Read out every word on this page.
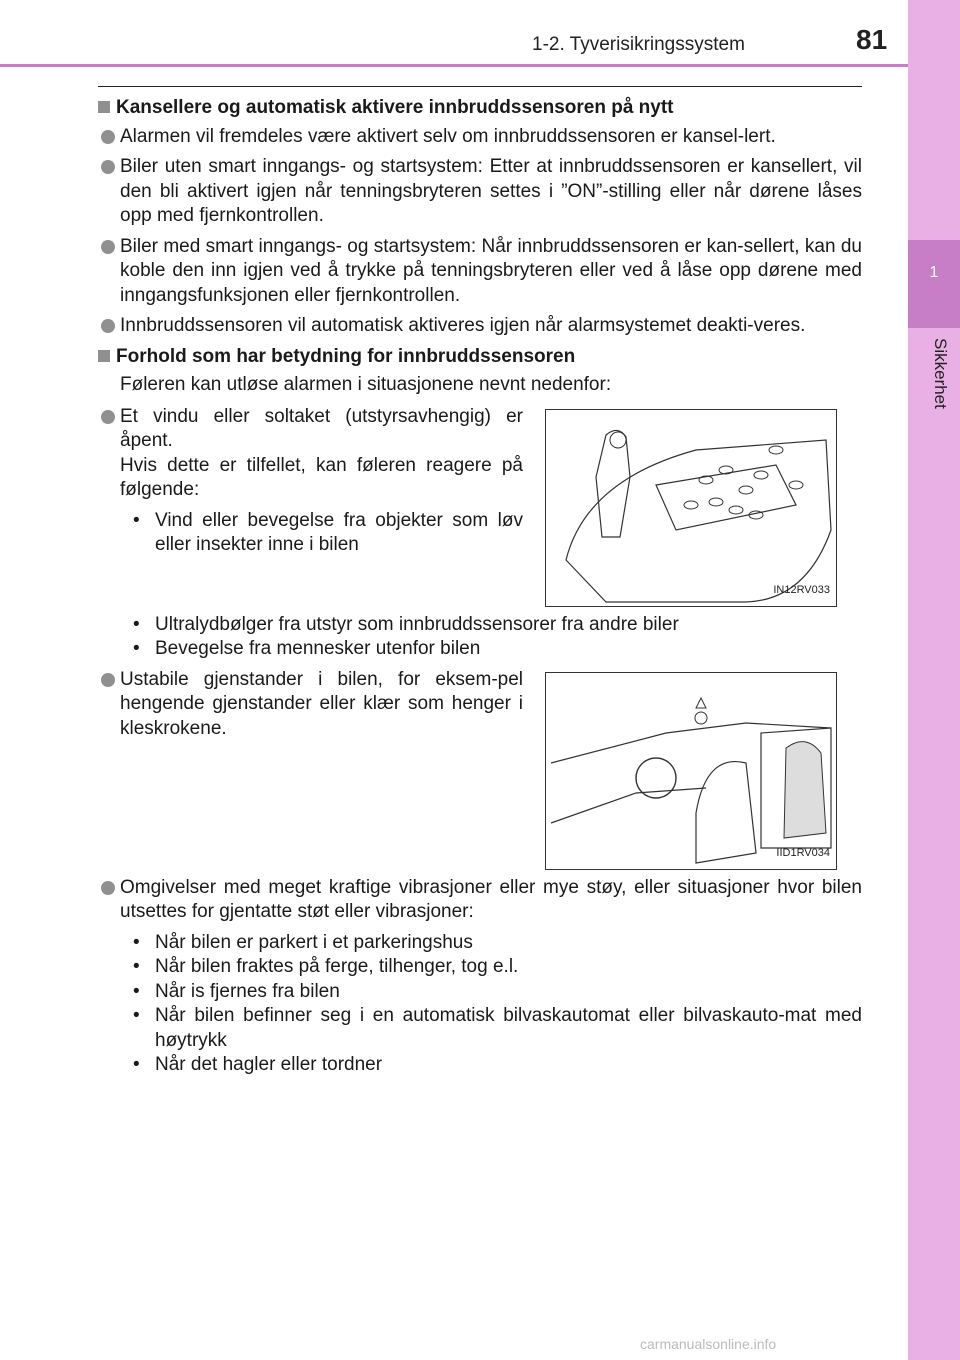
1
Sikkerhet
1-2. Tyverisikringssystem	81
Kansellere og automatisk aktivere innbruddssensoren på nytt
Alarmen vil fremdeles være aktivert selv om innbruddssensoren er kansel-lert.
Biler uten smart inngangs- og startsystem: Etter at innbruddssensoren er kansellert, vil den bli aktivert igjen når tenningsbryteren settes i ”ON”-stilling eller når dørene låses opp med fjernkontrollen.
Biler med smart inngangs- og startsystem: Når innbruddssensoren er kan-sellert, kan du koble den inn igjen ved å trykke på tenningsbryteren eller ved å låse opp dørene med inngangsfunksjonen eller fjernkontrollen.
Innbruddssensoren vil automatisk aktiveres igjen når alarmsystemet deakti-veres.
Forhold som har betydning for innbruddssensoren
Føleren kan utløse alarmen i situasjonene nevnt nedenfor:
Et vindu eller soltaket (utstyrsavhengig) er åpent.
Hvis dette er tilfellet, kan føleren reagere på følgende:
• Vind eller bevegelse fra objekter som løv eller insekter inne i bilen
IN12RV033
• Ultralydbølger fra utstyr som innbruddssensorer fra andre biler
• Bevegelse fra mennesker utenfor bilen
Ustabile gjenstander i bilen, for eksem-pel hengende gjenstander eller klær som henger i kleskrokene.
IID1RV034
Omgivelser med meget kraftige vibrasjoner eller mye støy, eller situasjoner hvor bilen utsettes for gjentatte støt eller vibrasjoner:
• Når bilen er parkert i et parkeringshus
• Når bilen fraktes på ferge, tilhenger, tog e.l.
• Når is fjernes fra bilen
• Når bilen befinner seg i en automatisk bilvaskautomat eller bilvaskauto-mat med høytrykk
• Når det hagler eller tordner
carmanualsonline.info
